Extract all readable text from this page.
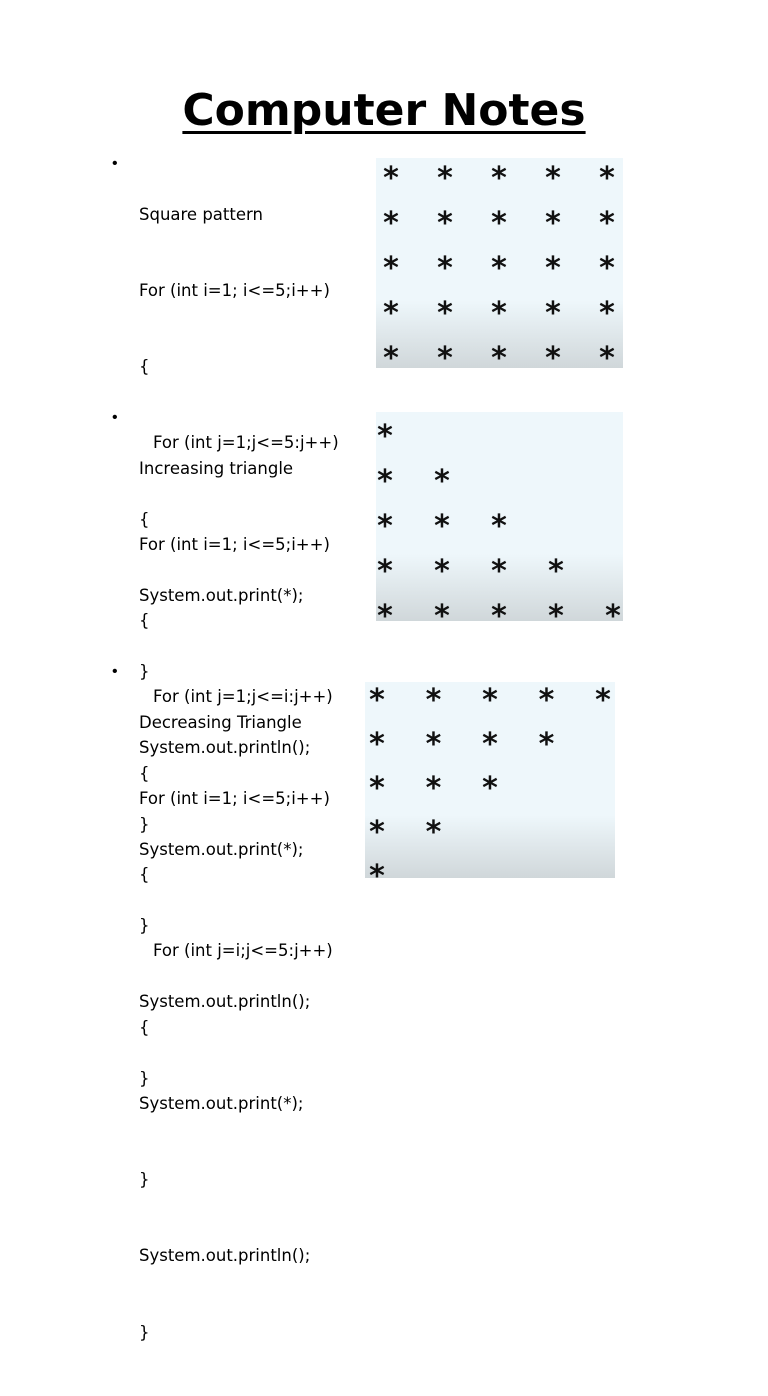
Computer Notes
•

Square pattern

For (int i=1; i<=5;i++)

{

For (int j=1;j<=5:j++)

{

System.out.print(*);

}

System.out.println();

}

* * * * *
* * * * *
* * * * *
* * * * *
* * * * *
•

Increasing triangle

For (int i=1; i<=5;i++)

{

For (int j=1;j<=i:j++)

{

System.out.print(*);

}

System.out.println();

}

*
* *
* * *
* * * *
* * * * *
•

Decreasing Triangle

For (int i=1; i<=5;i++)

{

For (int j=i;j<=5:j++)

{

System.out.print(*);

}

System.out.println();

}

* * * * *
* * * *
* * *
* *
*
